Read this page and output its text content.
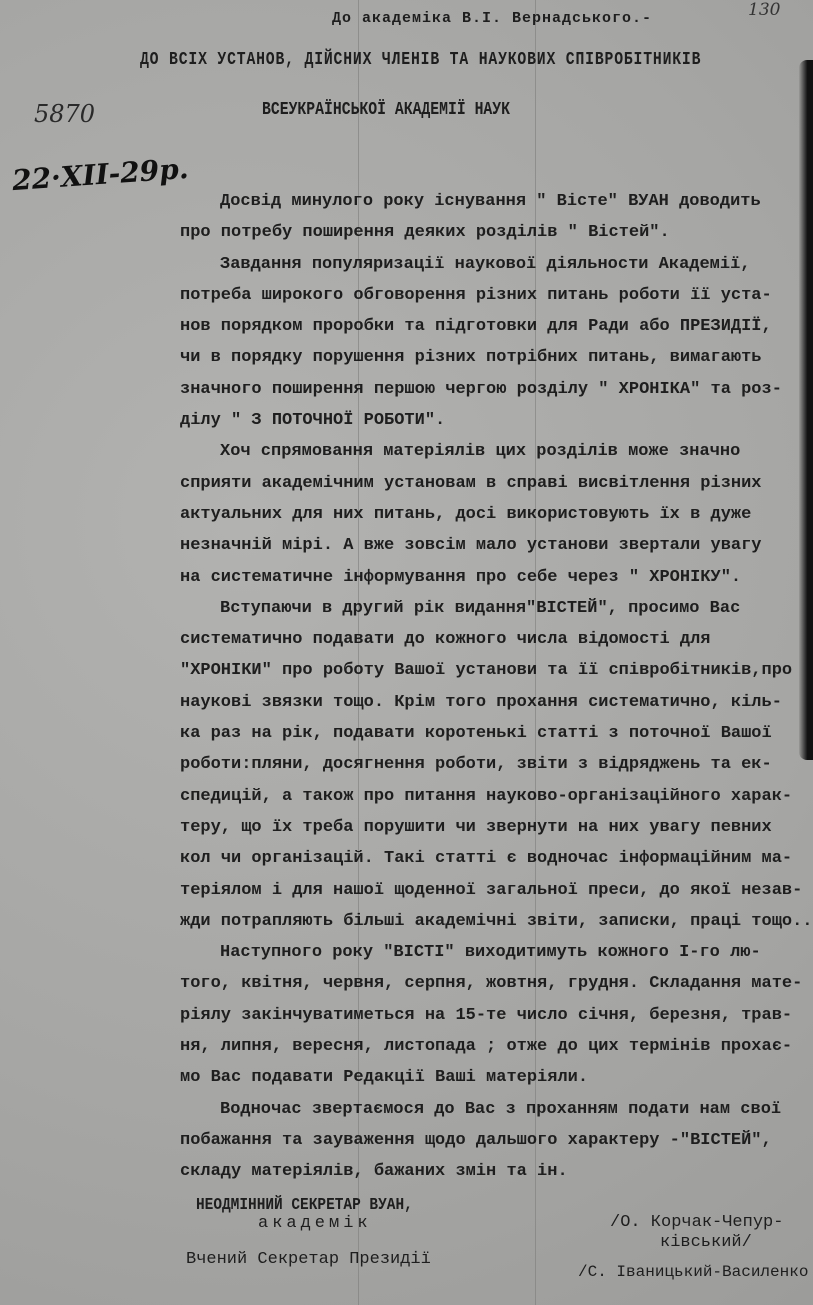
До академіка В.І. Вернадського.-	130
ДО ВСІХ УСТАНОВ, ДІЙСНИХ ЧЛЕНІВ ТА НАУКОВИХ СПІВРОБІТНИКІВ
ВСЕУКРАЇНСЬКОЇ АКАДЕМІЇ НАУК
5870
22·XII-29р.
Досвід минулого року існування " Вісте" ВУАН доводить
про потребу поширення деяких розділів " Вістей".
Завдання популяризації наукової діяльности Академії,
потреба широкого обговорення різних питань роботи її уста-
нов порядком проробки та підготовки для Ради або ПРЕЗИДІЇ,
чи в порядку порушення різних потрібних питань, вимагають
значного поширення першою чергою розділу " ХРОНІКА" та роз-
ділу " З ПОТОЧНОЇ РОБОТИ".
Хоч спрямовання матеріялів цих розділів може значно
сприяти академічним установам в справі висвітлення різних
актуальних для них питань, досі використовують їх в дуже
незначній мірі. А вже зовсім мало установи звертали увагу
на систематичне інформування про себе через " ХРОНІКУ".
Вступаючи в другий рік видання"ВІСТЕЙ", просимо Вас
систематично подавати до кожного числа відомості для
"ХРОНІКИ" про роботу Вашої установи та її співробітників,про
наукові звязки тощо. Крім того прохання систематично, кіль-
ка раз на рік, подавати коротенькі статті з поточної Вашої
роботи:пляни, досягнення роботи, звіти з відряджень та ек-
спедицій, а також про питання науково-організаційного харак-
теру, що їх треба порушити чи звернути на них увагу певних
кол чи організацій. Такі статті є водночас інформаційним ма-
теріялом і для нашої щоденної загальної преси, до якої незав-
жди потрапляють більші академічні звіти, записки, праці тощо..
Наступного року "ВІСТІ" виходитимуть кожного І-го лю-
того, квітня, червня, серпня, жовтня, грудня. Складання мате-
ріялу закінчуватиметься на 15-те число січня, березня, трав-
ня, липня, вересня, листопада ; отже до цих термінів прохає-
мо Вас подавати Редакції Ваші матеріяли.
Водночас звертаємося до Вас з проханням подати нам свої
побажання та зауваження щодо дальшого характеру -"ВІСТЕЙ",
складу матеріялів, бажаних змін та ін.
НЕОДМІННИЙ СЕКРЕТАР ВУАН,
академік
Вчений Секретар Президії
/О. Корчак-Чепур-
ківський/
/С. Іваницький-Василенко
